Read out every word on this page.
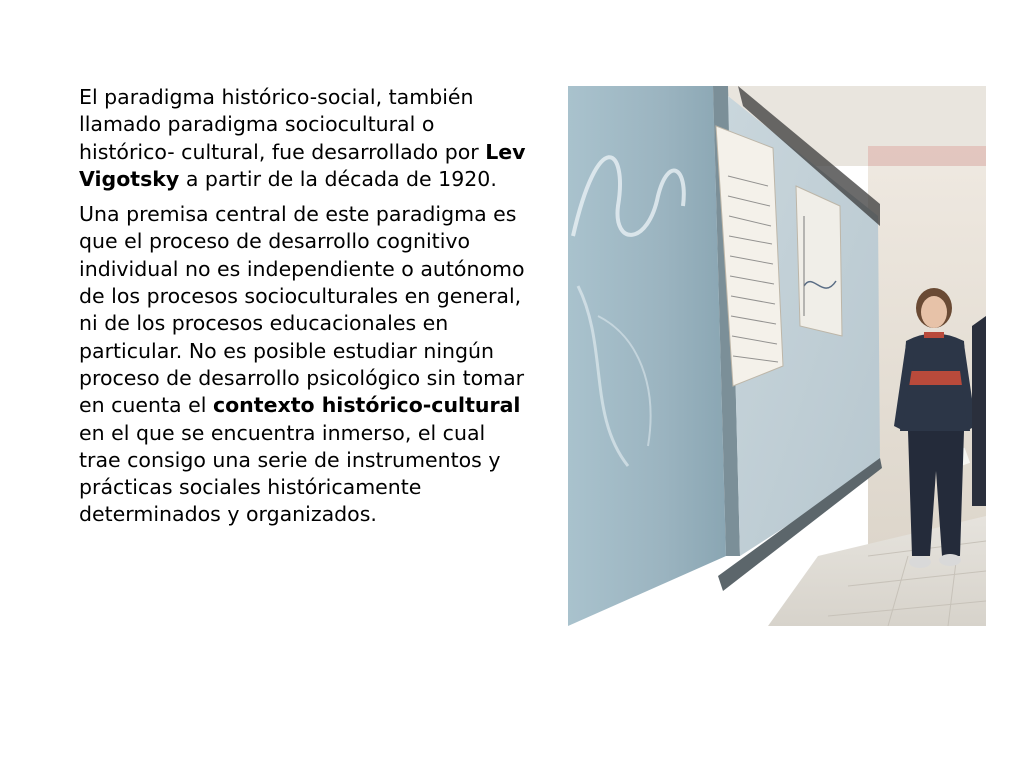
El paradigma histórico-social, también llamado paradigma sociocultural o histórico- cultural, fue desarrollado por Lev Vigotsky a partir de la década de 1920.

Una premisa central de este paradigma es que el proceso de desarrollo cognitivo individual no es independiente o autónomo de los procesos socioculturales en general, ni de los procesos educacionales en particular. No es posible estudiar ningún proceso de desarrollo psicológico sin tomar en cuenta el contexto histórico-cultural en el que se encuentra inmerso, el cual trae consigo una serie de instrumentos y prácticas sociales históricamente determinados y organizados.
